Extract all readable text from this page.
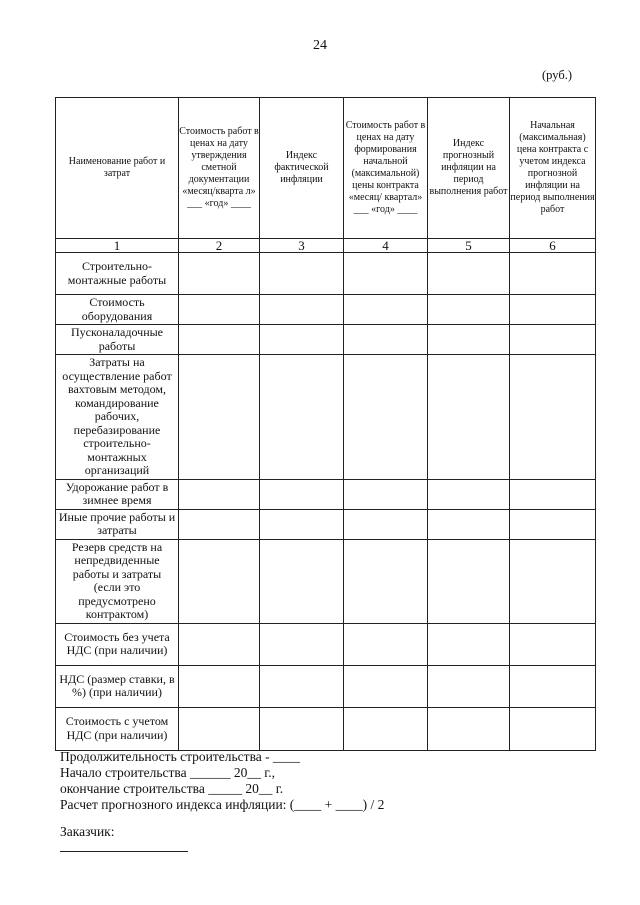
24
(руб.)
Наименование работ и затрат	Стоимость работ в ценах на дату утверждения сметной документации «месяц/кварта л» ___ «год» ____	Индекс фактической инфляции	Стоимость работ в ценах на дату формирования начальной (максимальной) цены контракта «месяц/ квартал» ___ «год» ____	Индекс прогнозный инфляции на период выполнения работ	Начальная (максимальная) цена контракта с учетом индекса прогнозной инфляции на период выполнения работ
1	2	3	4	5	6
Строительно-монтажные работы					
Стоимость оборудования					
Пусконаладочные работы					
Затраты на осуществление работ вахтовым методом, командирование рабочих, перебазирование строительно-монтажных организаций					
Удорожание работ в зимнее время					
Иные прочие работы и затраты					
Резерв средств на непредвиденные работы и затраты (если это предусмотрено контрактом)					
Стоимость без учета НДС (при наличии)					
НДС (размер ставки, в %) (при наличии)					
Стоимость с учетом НДС (при наличии)					
Продолжительность строительства - ____
Начало строительства ______ 20__ г.,
окончание строительства _____ 20__ г.
Расчет прогнозного индекса инфляции: (____ + ____) / 2
Заказчик:
